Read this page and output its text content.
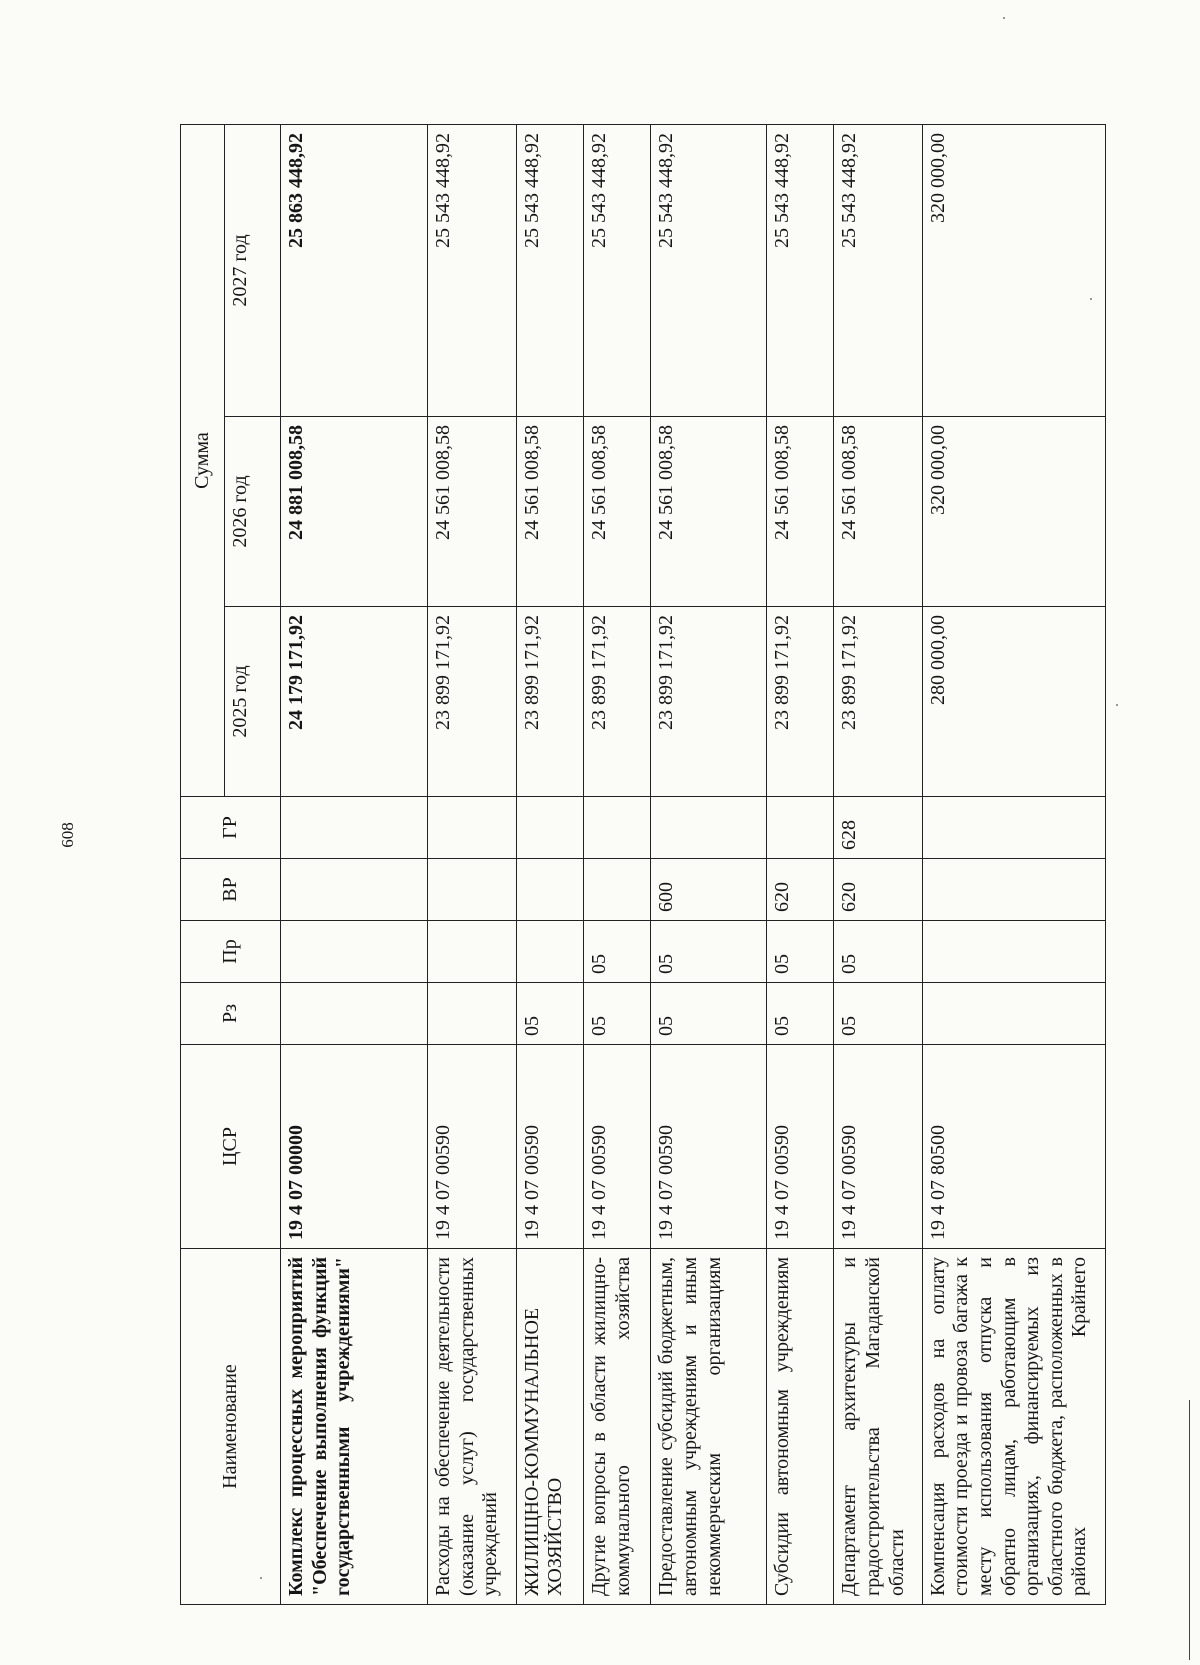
608
Наименование	ЦСР	Рз	Пр	ВР	ГР	Сумма		
						2025 год	2026 год	2027 год
Комплекс процессных мероприятий "Обеспечение выполнения функций государственными учреждениями"	19 4 07 00000					24 179 171,92	24 881 008,58	25 863 448,92
Расходы на обеспечение деятельности (оказание услуг) государственных учреждений	19 4 07 00590					23 899 171,92	24 561 008,58	25 543 448,92
ЖИЛИЩНО-КОММУНАЛЬНОЕ ХОЗЯЙСТВО	19 4 07 00590	05				23 899 171,92	24 561 008,58	25 543 448,92
Другие вопросы в области жилищно-коммунального хозяйства	19 4 07 00590	05	05			23 899 171,92	24 561 008,58	25 543 448,92
Предоставление субсидий бюджетным, автономным учреждениям и иным некоммерческим организациям	19 4 07 00590	05	05	600		23 899 171,92	24 561 008,58	25 543 448,92
Субсидии автономным учреждениям	19 4 07 00590	05	05	620		23 899 171,92	24 561 008,58	25 543 448,92
Департамент архитектуры и градостроительства Магаданской области	19 4 07 00590	05	05	620	628	23 899 171,92	24 561 008,58	25 543 448,92
Компенсация расходов на оплату стоимости проезда и провоза багажа к месту использования отпуска и обратно лицам, работающим в организациях, финансируемых из областного бюджета, расположенных в районах Крайнего	19 4 07 80500					280 000,00	320 000,00	320 000,00
